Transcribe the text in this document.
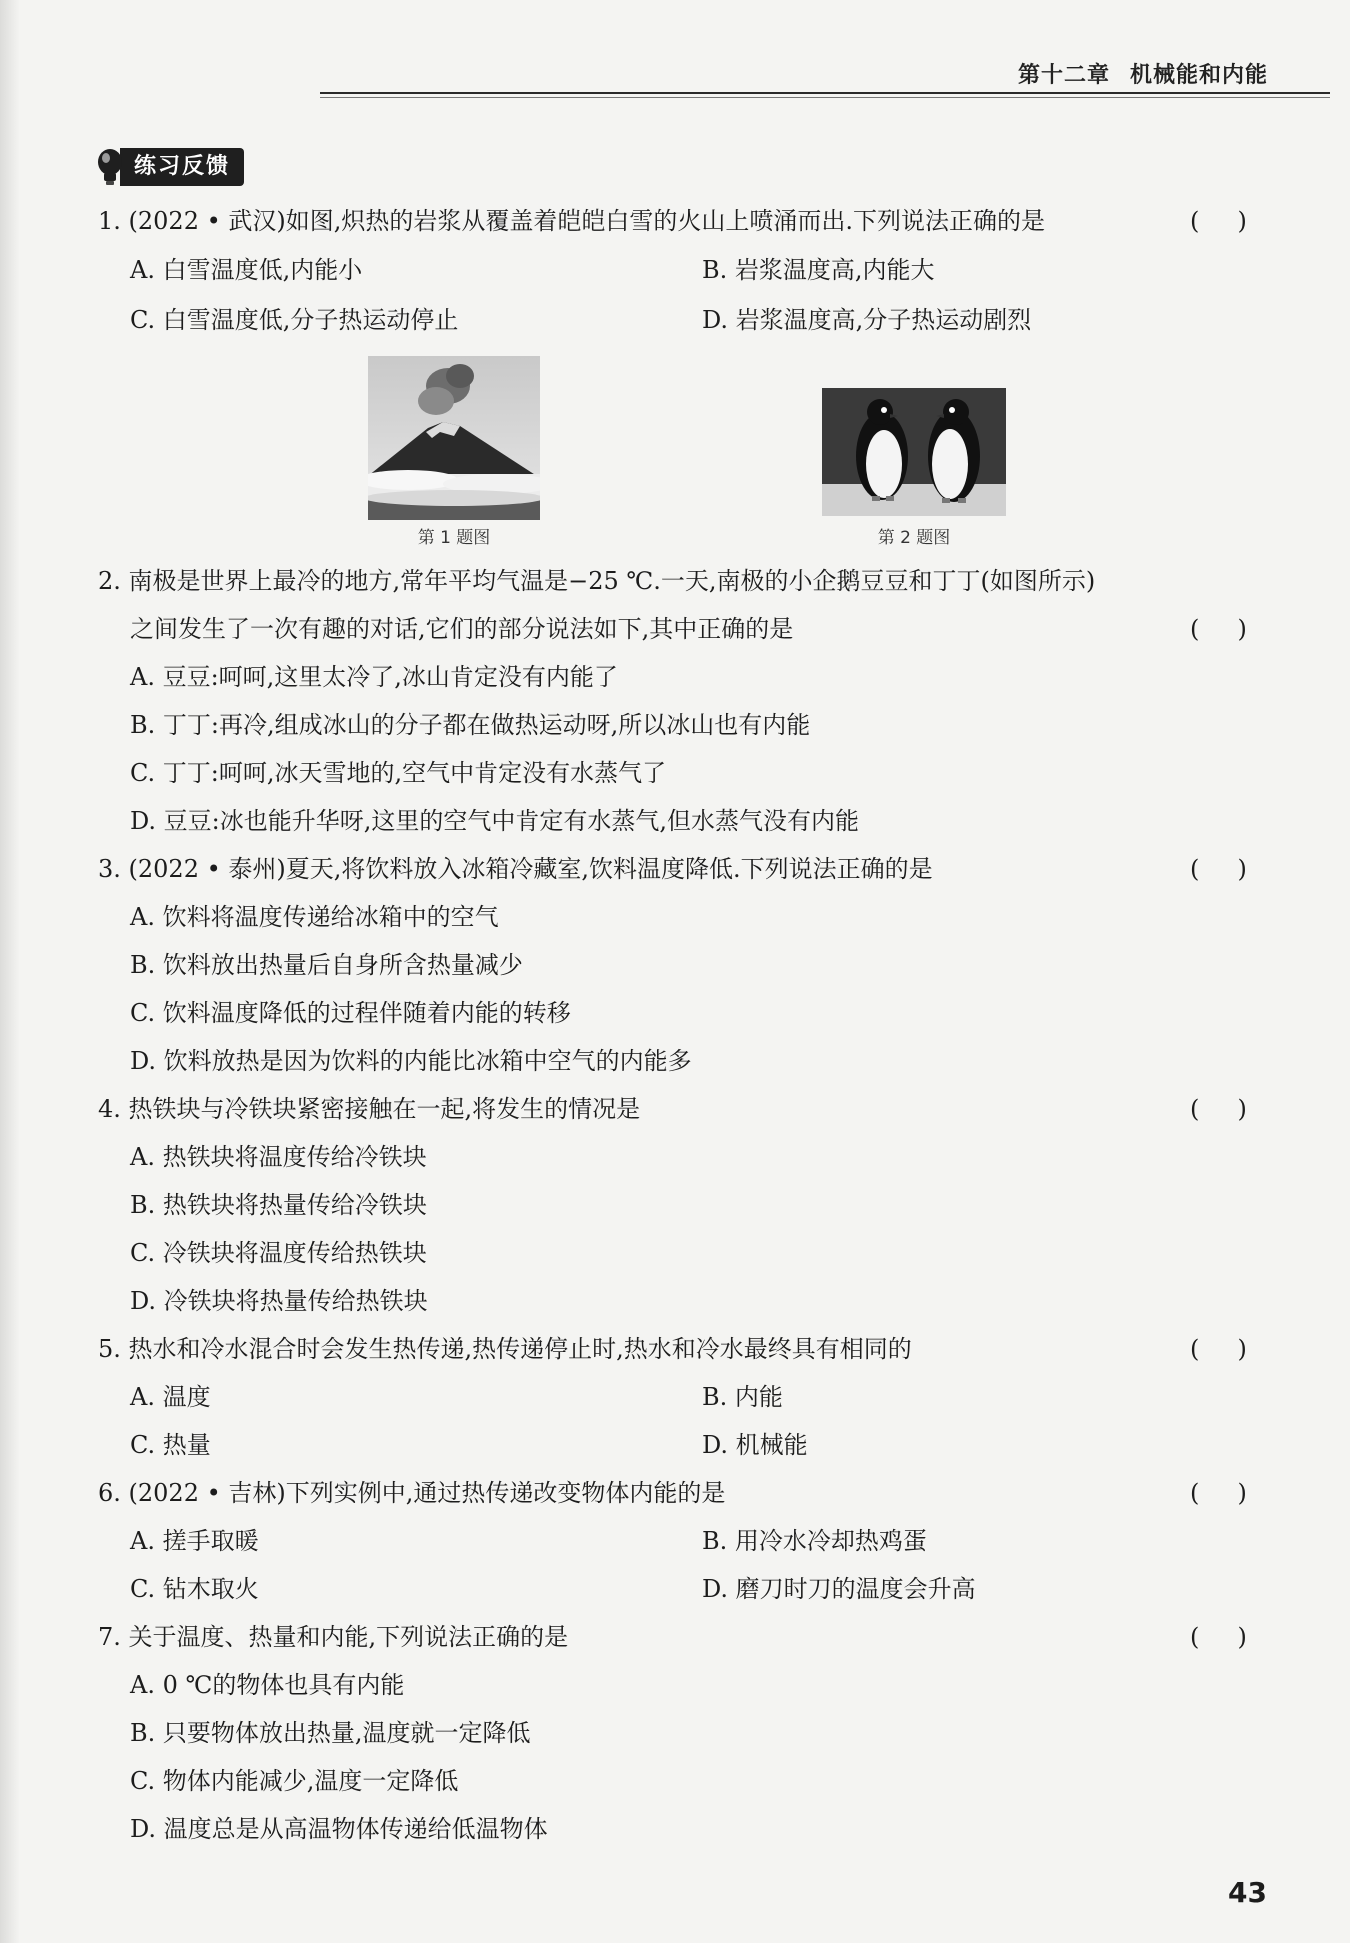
第十二章 机械能和内能
练习反馈
1. (2022 • 武汉)如图,炽热的岩浆从覆盖着皑皑白雪的火山上喷涌而出.下列说法正确的是	(     )
A. 白雪温度低,内能小	B. 岩浆温度高,内能大
C. 白雪温度低,分子热运动停止	D. 岩浆温度高,分子热运动剧烈
第 1 题图	第 2 题图
2. 南极是世界上最冷的地方,常年平均气温是−25 ℃.一天,南极的小企鹅豆豆和丁丁(如图所示)
之间发生了一次有趣的对话,它们的部分说法如下,其中正确的是	(     )
A. 豆豆:呵呵,这里太冷了,冰山肯定没有内能了
B. 丁丁:再冷,组成冰山的分子都在做热运动呀,所以冰山也有内能
C. 丁丁:呵呵,冰天雪地的,空气中肯定没有水蒸气了
D. 豆豆:冰也能升华呀,这里的空气中肯定有水蒸气,但水蒸气没有内能
3. (2022 • 泰州)夏天,将饮料放入冰箱冷藏室,饮料温度降低.下列说法正确的是	(     )
A. 饮料将温度传递给冰箱中的空气
B. 饮料放出热量后自身所含热量减少
C. 饮料温度降低的过程伴随着内能的转移
D. 饮料放热是因为饮料的内能比冰箱中空气的内能多
4. 热铁块与冷铁块紧密接触在一起,将发生的情况是	(     )
A. 热铁块将温度传给冷铁块
B. 热铁块将热量传给冷铁块
C. 冷铁块将温度传给热铁块
D. 冷铁块将热量传给热铁块
5. 热水和冷水混合时会发生热传递,热传递停止时,热水和冷水最终具有相同的	(     )
A. 温度	B. 内能
C. 热量	D. 机械能
6. (2022 • 吉林)下列实例中,通过热传递改变物体内能的是	(     )
A. 搓手取暖	B. 用冷水冷却热鸡蛋
C. 钻木取火	D. 磨刀时刀的温度会升高
7. 关于温度、热量和内能,下列说法正确的是	(     )
A. 0 ℃的物体也具有内能
B. 只要物体放出热量,温度就一定降低
C. 物体内能减少,温度一定降低
D. 温度总是从高温物体传递给低温物体
43
